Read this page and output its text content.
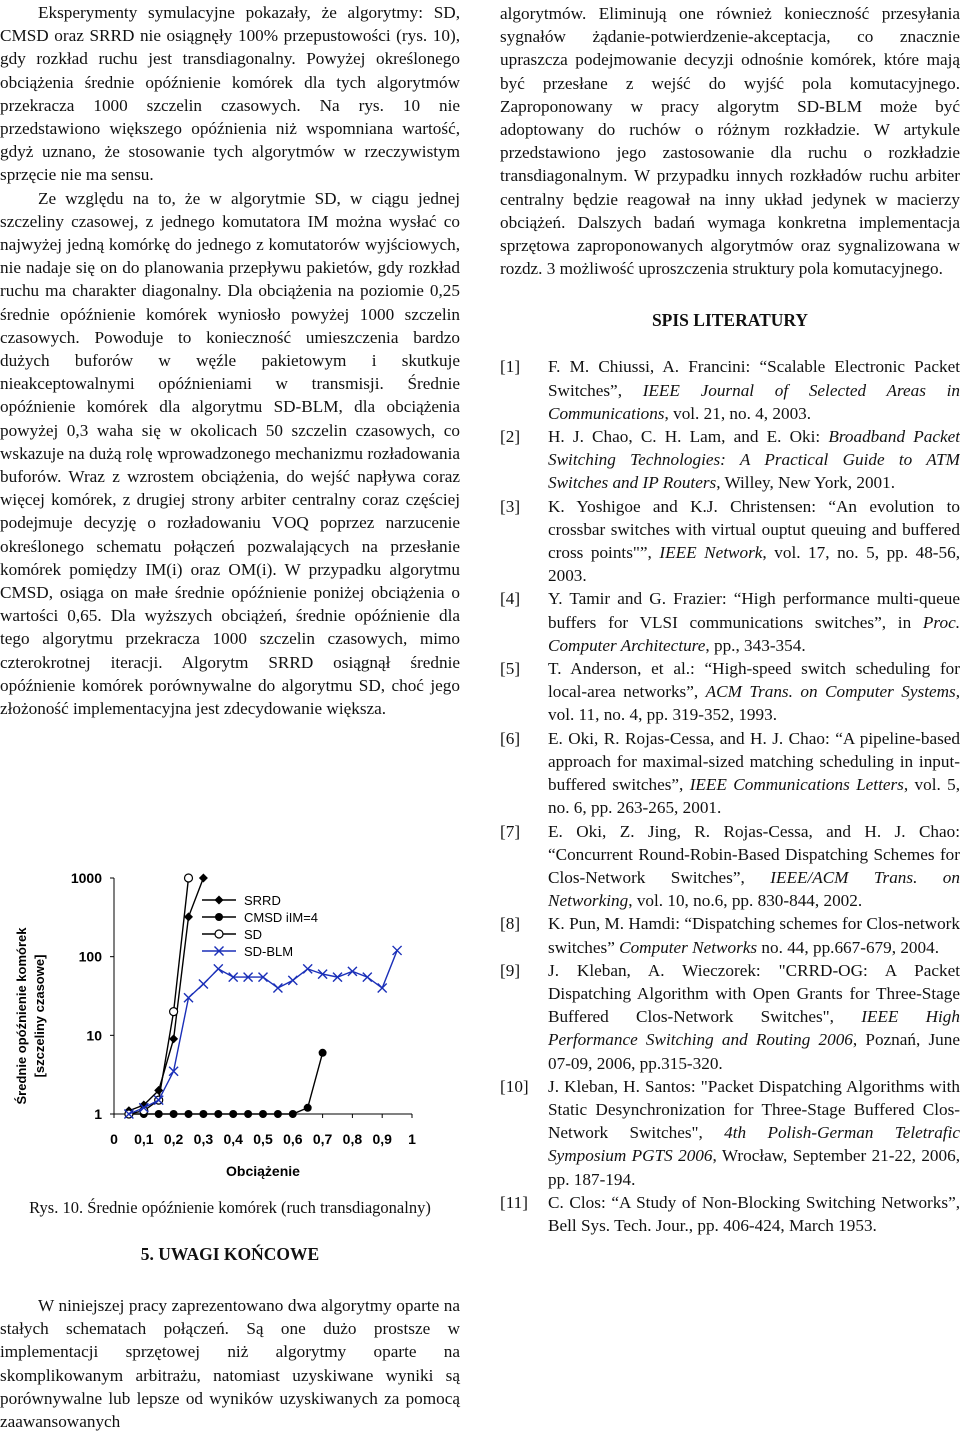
Eksperymenty symulacyjne pokazały, że algorytmy: SD, CMSD oraz SRRD nie osiągnęły 100% przepustowości (rys. 10), gdy rozkład ruchu jest transdiagonalny. Powyżej określonego obciążenia średnie opóźnienie komórek dla tych algorytmów przekracza 1000 szczelin czasowych. Na rys. 10 nie przedstawiono większego opóźnienia niż wspomniana wartość, gdyż uznano, że stosowanie tych algorytmów w rzeczywistym sprzęcie nie ma sensu.

Ze względu na to, że w algorytmie SD, w ciągu jednej szczeliny czasowej, z jednego komutatora IM można wysłać co najwyżej jedną komórkę do jednego z komutatorów wyjściowych, nie nadaje się on do planowania przepływu pakietów, gdy rozkład ruchu ma charakter diagonalny. Dla obciążenia na poziomie 0,25 średnie opóźnienie komórek wyniosło powyżej 1000 szczelin czasowych. Powoduje to konieczność umieszczenia bardzo dużych buforów w węźle pakietowym i skutkuje nieakceptowalnymi opóźnieniami w transmisji. Średnie opóźnienie komórek dla algorytmu SD-BLM, dla obciążenia powyżej 0,3 waha się w okolicach 50 szczelin czasowych, co wskazuje na dużą rolę wprowadzonego mechanizmu rozładowania buforów. Wraz z wzrostem obciążenia, do wejść napływa coraz więcej komórek, z drugiej strony arbiter centralny coraz częściej podejmuje decyzję o rozładowaniu VOQ poprzez narzucenie określonego schematu połączeń pozwalających na przesłanie komórek pomiędzy IM(i) oraz OM(i). W przypadku algorytmu CMSD, osiąga on małe średnie opóźnienie poniżej obciążenia o wartości 0,65. Dla wyższych obciążeń, średnie opóźnienie dla tego algorytmu przekracza 1000 szczelin czasowych, mimo czterokrotnej iteracji. Algorytm SRRD osiągnął średnie opóźnienie komórek porównywalne do algorytmu SD, choć jego złożoność implementacyjna jest zdecydowanie większa.

1
10
100
1000
0 0,1 0,2 0,3 0,4 0,5 0,6 0,7 0,8 0,9 1
Obciążenie
Średnie opóźnienie komórek [szczeliny czasowe]
SRRD
CMSD iIM=4
SD
SD-BLM
Rys. 10. Średnie opóźnienie komórek (ruch transdiagonalny)
5. UWAGI KOŃCOWE

W niniejszej pracy zaprezentowano dwa algorytmy oparte na stałych schematach połączeń. Są one dużo prostsze w implementacji sprzętowej niż algorytmy oparte na skomplikowanym arbitrażu, natomiast uzyskiwane wyniki są porównywalne lub lepsze od wyników uzyskiwanych za pomocą zaawansowanych

algorytmów. Eliminują one również konieczność przesyłania sygnałów żądanie-potwierdzenie-akceptacja, co znacznie upraszcza podejmowanie decyzji odnośnie komórek, które mają być przesłane z wejść do wyjść pola komutacyjnego. Zaproponowany w pracy algorytm SD-BLM może być adoptowany do ruchów o różnym rozkładzie. W artykule przedstawiono jego zastosowanie dla ruchu o rozkładzie transdiagonalnym. W przypadku innych rozkładów ruchu arbiter centralny będzie reagował na inny układ jedynek w macierzy obciążeń. Dalszych badań wymaga konkretna implementacja sprzętowa zaproponowanych algorytmów oraz sygnalizowana w rozdz. 3 możliwość uproszczenia struktury pola komutacyjnego.

SPIS LITERATURY
[1]	F. M. Chiussi, A. Francini: “Scalable Electronic Packet Switches”, IEEE Journal of Selected Areas in Communications, vol. 21, no. 4, 2003.
[2]	H. J. Chao, C. H. Lam, and E. Oki: Broadband Packet Switching Technologies: A Practical Guide to ATM Switches and IP Routers, Willey, New York, 2001.
[3]	K. Yoshigoe and K.J. Christensen: “An evolution to crossbar switches with virtual ouptut queuing and buffered cross points"”, IEEE Network, vol. 17, no. 5, pp. 48-56, 2003.
[4]	Y. Tamir and G. Frazier: “High performance multi-queue buffers for VLSI communications switches”, in Proc. Computer Architecture, pp., 343-354.
[5]	T. Anderson, et al.: “High-speed switch scheduling for local-area networks”, ACM Trans. on Computer Systems, vol. 11, no. 4, pp. 319-352, 1993.
[6]	E. Oki, R. Rojas-Cessa, and H. J. Chao: “A pipeline-based approach for maximal-sized matching scheduling in input-buffered switches”, IEEE Communications Letters, vol. 5, no. 6, pp. 263-265, 2001.
[7]	E. Oki, Z. Jing, R. Rojas-Cessa, and H. J. Chao: “Concurrent Round-Robin-Based Dispatching Schemes for Clos-Network Switches”, IEEE/ACM Trans. on Networking, vol. 10, no.6, pp. 830-844, 2002.
[8]	K. Pun, M. Hamdi: “Dispatching schemes for Clos-network switches” Computer Networks no. 44, pp.667-679, 2004.
[9]	J. Kleban, A. Wieczorek: "CRRD-OG: A Packet Dispatching Algorithm with Open Grants for Three-Stage Buffered Clos-Network Switches", IEEE High Performance Switching and Routing 2006, Poznań, June 07-09, 2006, pp.315-320.
[10]	J. Kleban, H. Santos: "Packet Dispatching Algorithms with Static Desynchronization for Three-Stage Buffered Clos-Network Switches", 4th Polish-German Teletrafic Symposium PGTS 2006, Wrocław, September 21-22, 2006, pp. 187-194.
[11]	C. Clos: “A Study of Non-Blocking Switching Networks”, Bell Sys. Tech. Jour., pp. 406-424, March 1953.
